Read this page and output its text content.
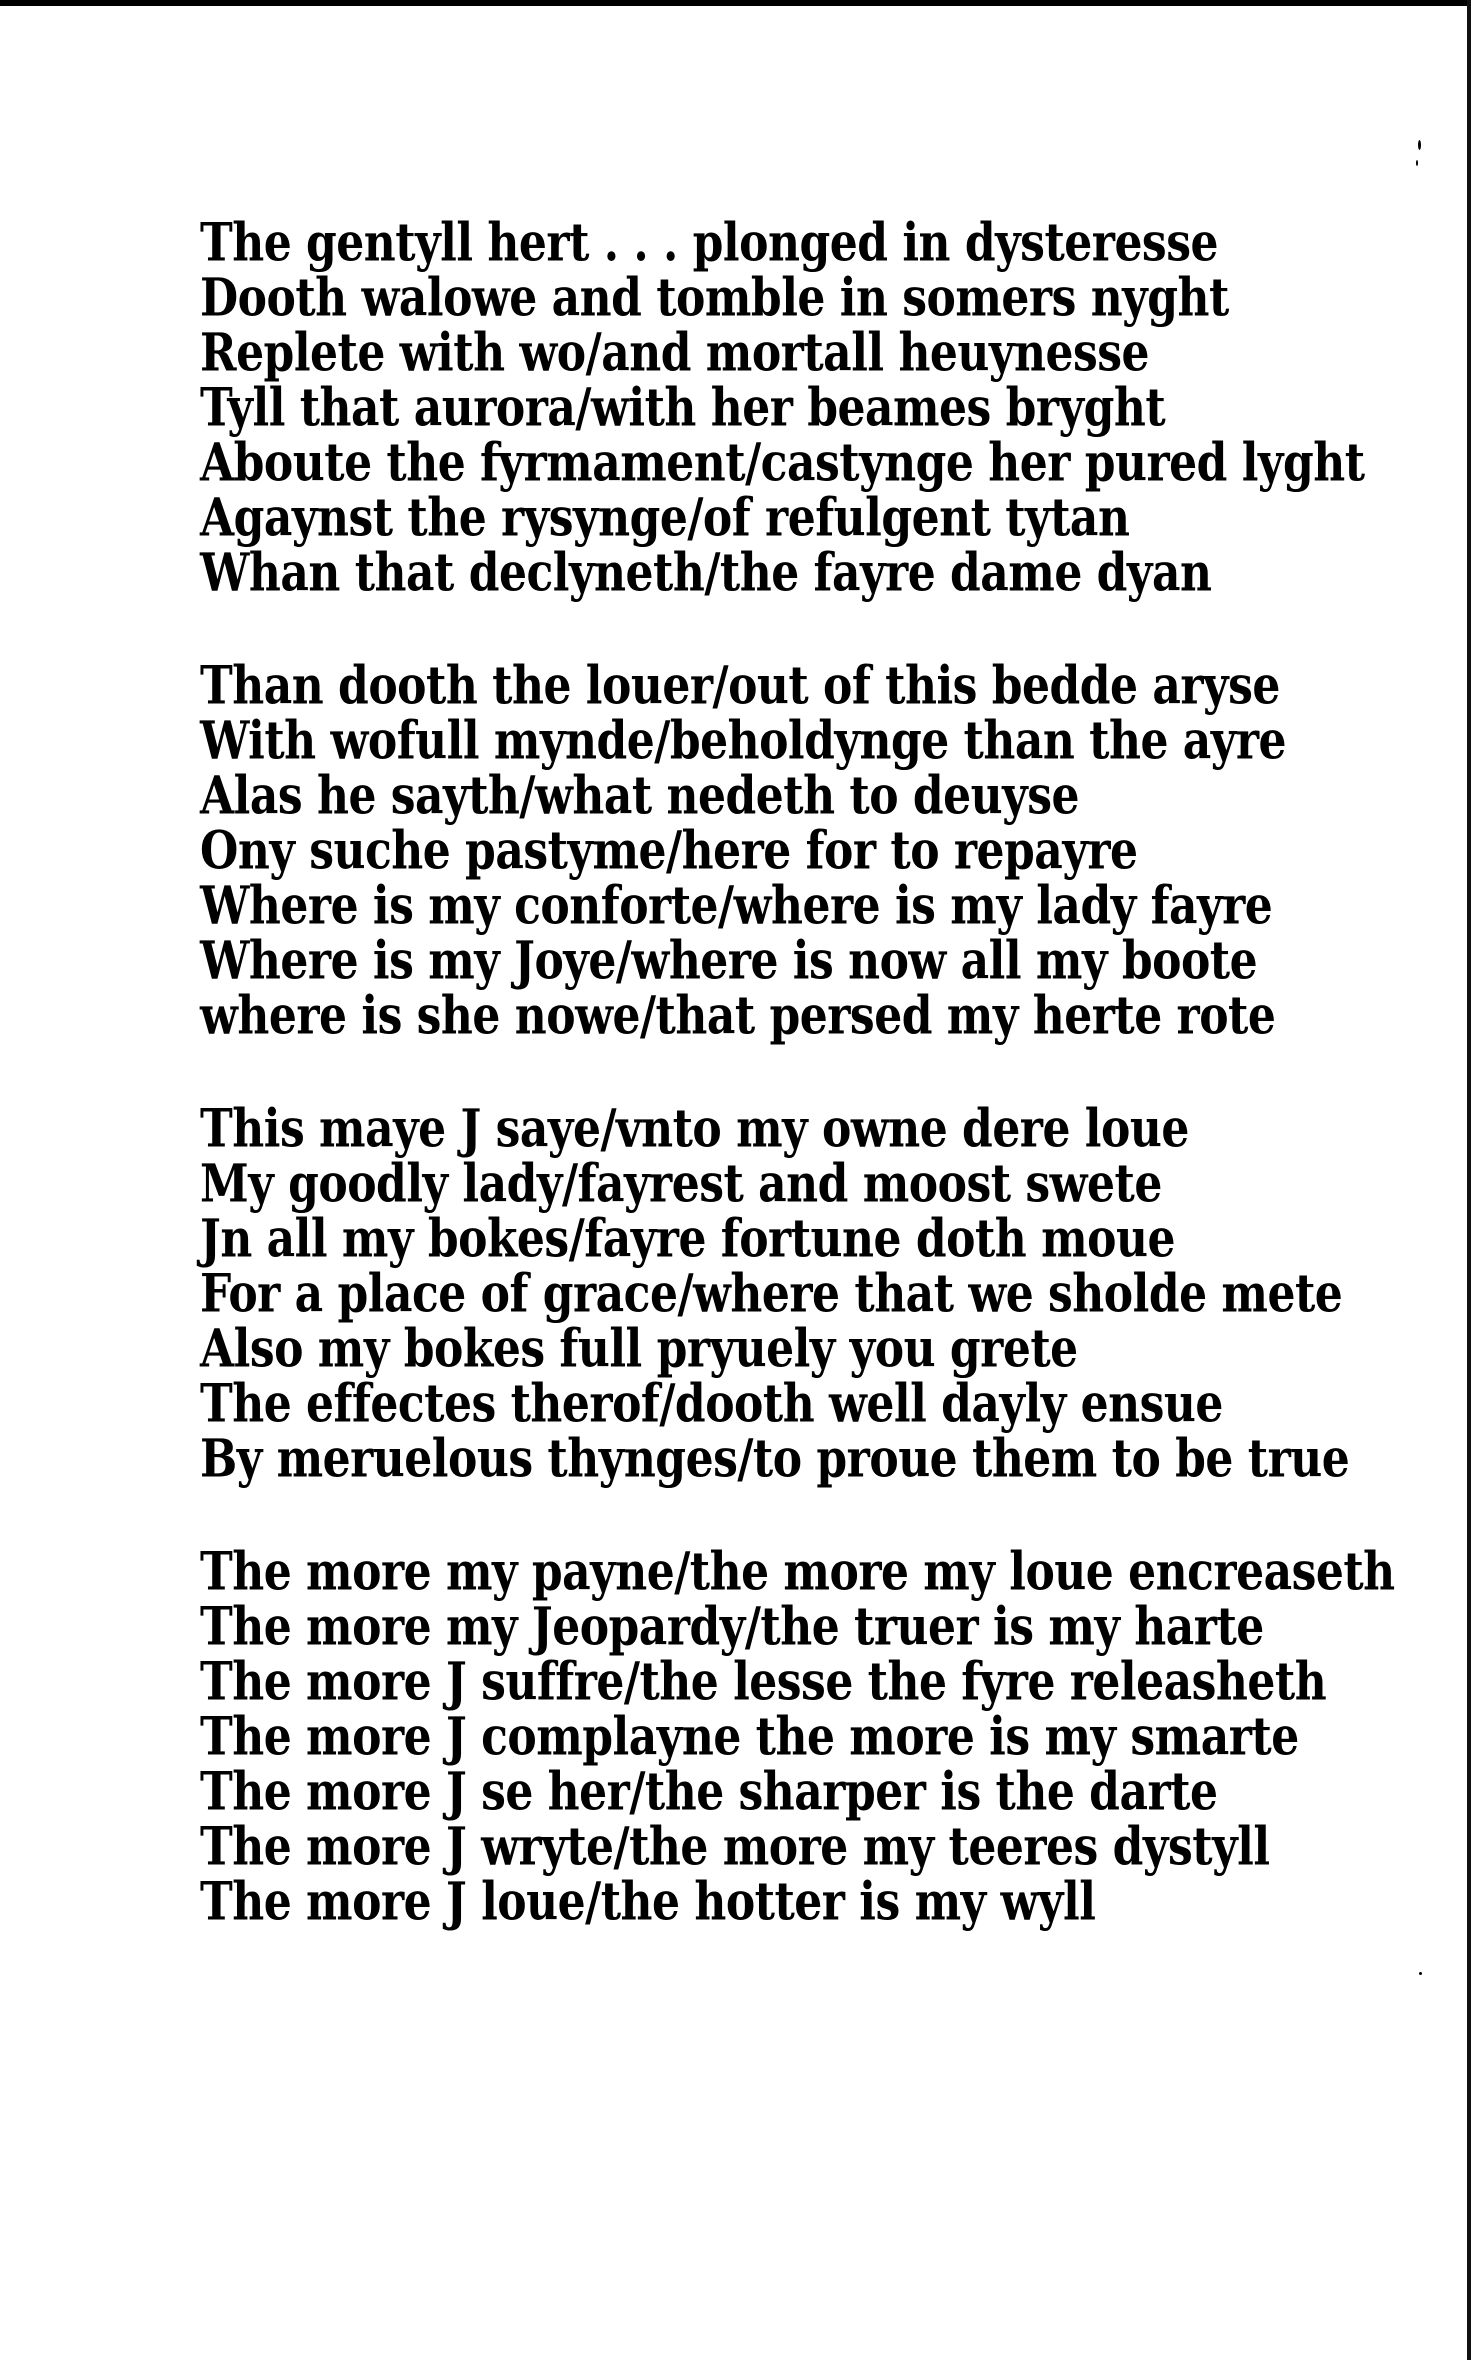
The gentyll hert . . . plonged in dysteresse
Dooth walowe and tomble in somers nyght
Replete with wo/and mortall heuynesse
Tyll that aurora/with her beames bryght
Aboute the fyrmament/castynge her pured lyght
Agaynst the rysynge/of refulgent tytan
Whan that declyneth/the fayre dame dyan
Than dooth the louer/out of this bedde aryse
With wofull mynde/beholdynge than the ayre
Alas he sayth/what nedeth to deuyse
Ony suche pastyme/here for to repayre
Where is my conforte/where is my lady fayre
Where is my Joye/where is now all my boote
where is she nowe/that persed my herte rote
This maye J saye/vnto my owne dere loue
My goodly lady/fayrest and moost swete
Jn all my bokes/fayre fortune doth moue
For a place of grace/where that we sholde mete
Also my bokes full pryuely you grete
The effectes therof/dooth well dayly ensue
By meruelous thynges/to proue them to be true
The more my payne/the more my loue encreaseth
The more my Jeopardy/the truer is my harte
The more J suffre/the lesse the fyre releasheth
The more J complayne the more is my smarte
The more J se her/the sharper is the darte
The more J wryte/the more my teeres dystyll
The more J loue/the hotter is my wyll
